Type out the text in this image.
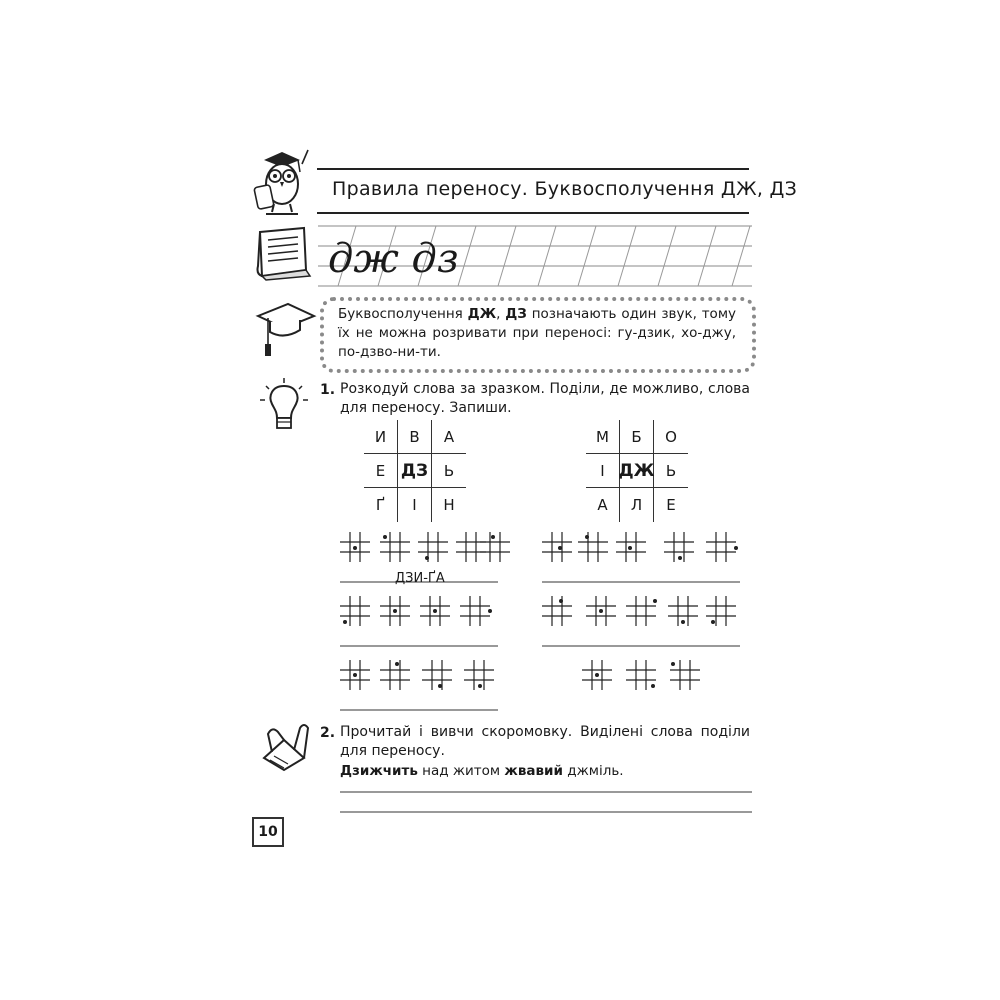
Правила переносу. Буквосполучення ДЖ, ДЗ
дж дз
Буквосполучення ДЖ, ДЗ позначають один звук, тому їх не можна розривати при переносі: гу-дзик, хо-джу, по-дзво-ни-ти.
1. Розкодуй слова за зразком. Поділи, де можливо, слова для переносу. Запиши.
И	В	А
Е ДЗ	Ь
Ґ	І	Н
М	Б	О
І ДЖ Ь
А	Л	Е
ДЗИ-ҐА
2. Прочитай і вивчи скоромовку. Виділені слова поділи для переносу.
Дзижчить над житом жвавий джміль.
10
